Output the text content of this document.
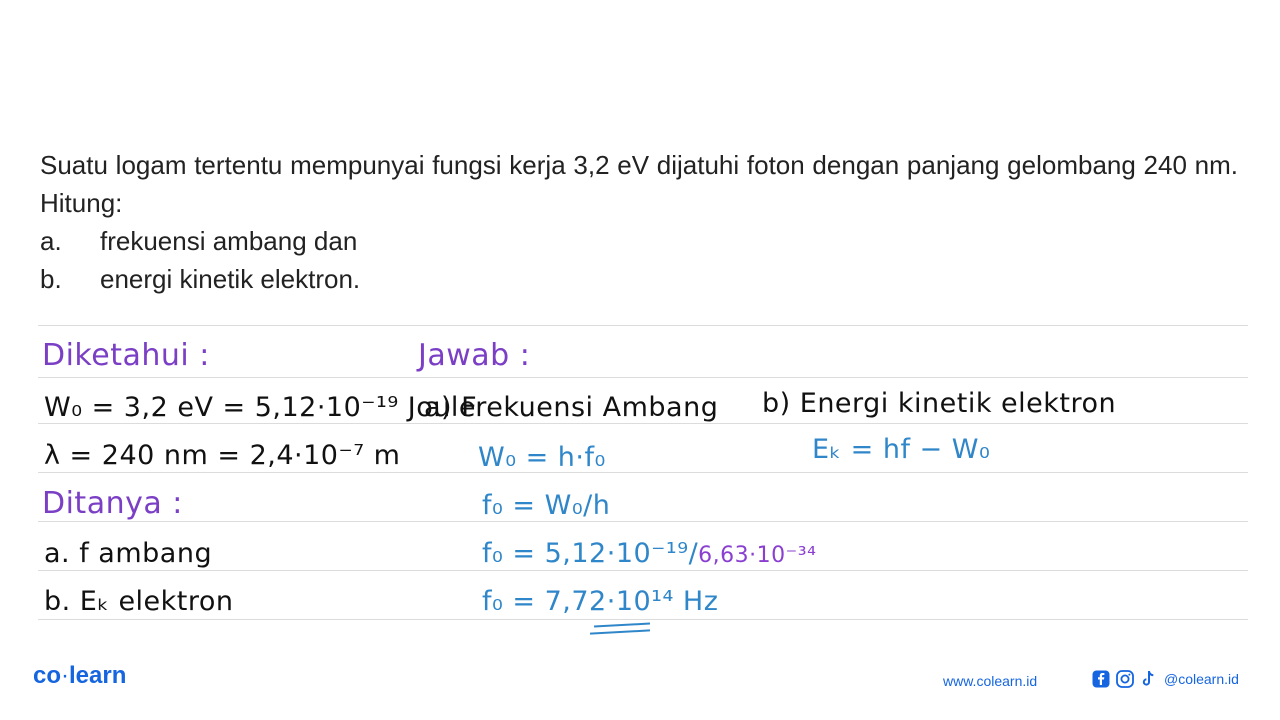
Suatu logam tertentu mempunyai fungsi kerja 3,2 eV dijatuhi foton dengan panjang gelombang 240 nm. Hitung:

a.	frekuensi ambang dan
b.	energi kinetik elektron.
Diketahui :
W₀ = 3,2 eV = 5,12·10⁻¹⁹ Joule
λ = 240 nm = 2,4·10⁻⁷ m
Ditanya :
a. f ambang
b. Eₖ elektron
Jawab :
a) Frekuensi Ambang
W₀ = h·f₀
f₀ = W₀/h
f₀ = 5,12·10⁻¹⁹/6,63·10⁻³⁴
f₀ = 7,72·10¹⁴ Hz
b) Energi kinetik elektron
Eₖ = hf − W₀
co·learn	www.colearn.id	@colearn.id
